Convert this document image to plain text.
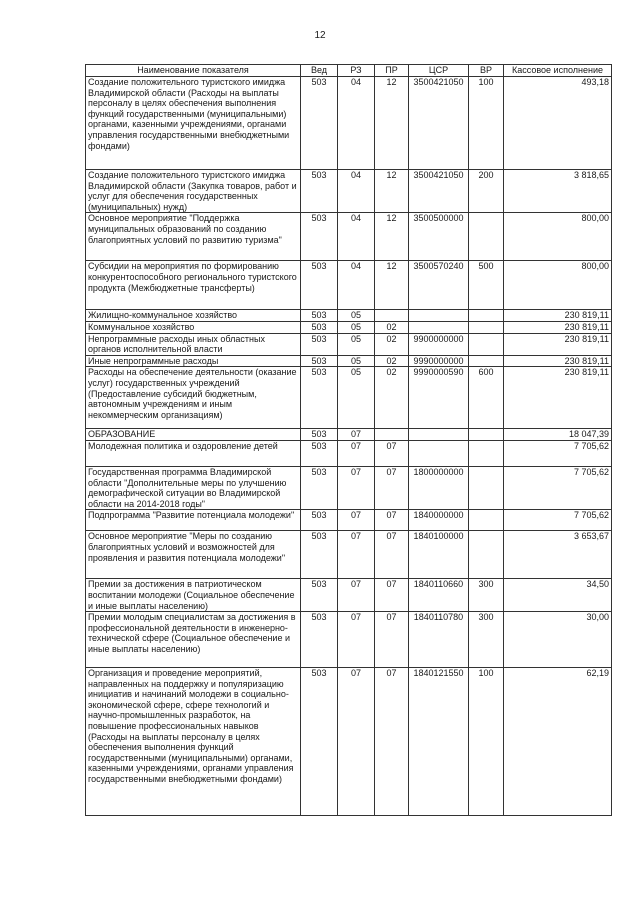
12
Наименование показателя	Вед	РЗ	ПР	ЦСР	ВР	Кассовое исполнение
Создание положительного туристского имиджа Владимирской области (Расходы на выплаты персоналу в целях обеспечения выполнения функций государственными (муниципальными) органами, казенными учреждениями, органами управления государственными внебюджетными фондами)	503	04	12	3500421050	100	493,18
Создание положительного туристского имиджа Владимирской области (Закупка товаров, работ и услуг для обеспечения государственных (муниципальных) нужд)	503	04	12	3500421050	200	3 818,65
Основное мероприятие "Поддержка муниципальных образований по созданию благоприятных условий по развитию туризма"	503	04	12	3500500000		800,00
Субсидии на мероприятия по формированию конкурентоспособного регионального туристского продукта (Межбюджетные трансферты)	503	04	12	3500570240	500	800,00
Жилищно-коммунальное хозяйство	503	05				230 819,11
Коммунальное хозяйство	503	05	02			230 819,11
Непрограммные расходы иных областных органов исполнительной власти	503	05	02	9900000000		230 819,11
Иные непрограммные расходы	503	05	02	9990000000		230 819,11
Расходы на обеспечение деятельности (оказание услуг) государственных учреждений (Предоставление субсидий бюджетным, автономным учреждениям и иным некоммерческим организациям)	503	05	02	9990000590	600	230 819,11
ОБРАЗОВАНИЕ	503	07				18 047,39
Молодежная политика и оздоровление детей	503	07	07			7 705,62
Государственная программа Владимирской области "Дополнительные меры по улучшению демографической ситуации во Владимирской области на 2014-2018 годы"	503	07	07	1800000000		7 705,62
Подпрограмма "Развитие потенциала молодежи"	503	07	07	1840000000		7 705,62
Основное мероприятие "Меры по созданию благоприятных условий и возможностей для проявления и развития потенциала молодежи"	503	07	07	1840100000		3 653,67
Премии за достижения в патриотическом воспитании молодежи (Социальное обеспечение и иные выплаты населению)	503	07	07	1840110660	300	34,50
Премии молодым специалистам за достижения в профессиональной деятельности в инженерно-технической сфере (Социальное обеспечение и иные выплаты населению)	503	07	07	1840110780	300	30,00
Организация и проведение мероприятий, направленных на поддержку и популяризацию инициатив и начинаний молодежи в социально-экономической сфере, сфере технологий и научно-промышленных разработок, на повышение профессиональных навыков (Расходы на выплаты персоналу в целях обеспечения выполнения функций государственными (муниципальными) органами, казенными учреждениями, органами управления государственными внебюджетными фондами)	503	07	07	1840121550	100	62,19
